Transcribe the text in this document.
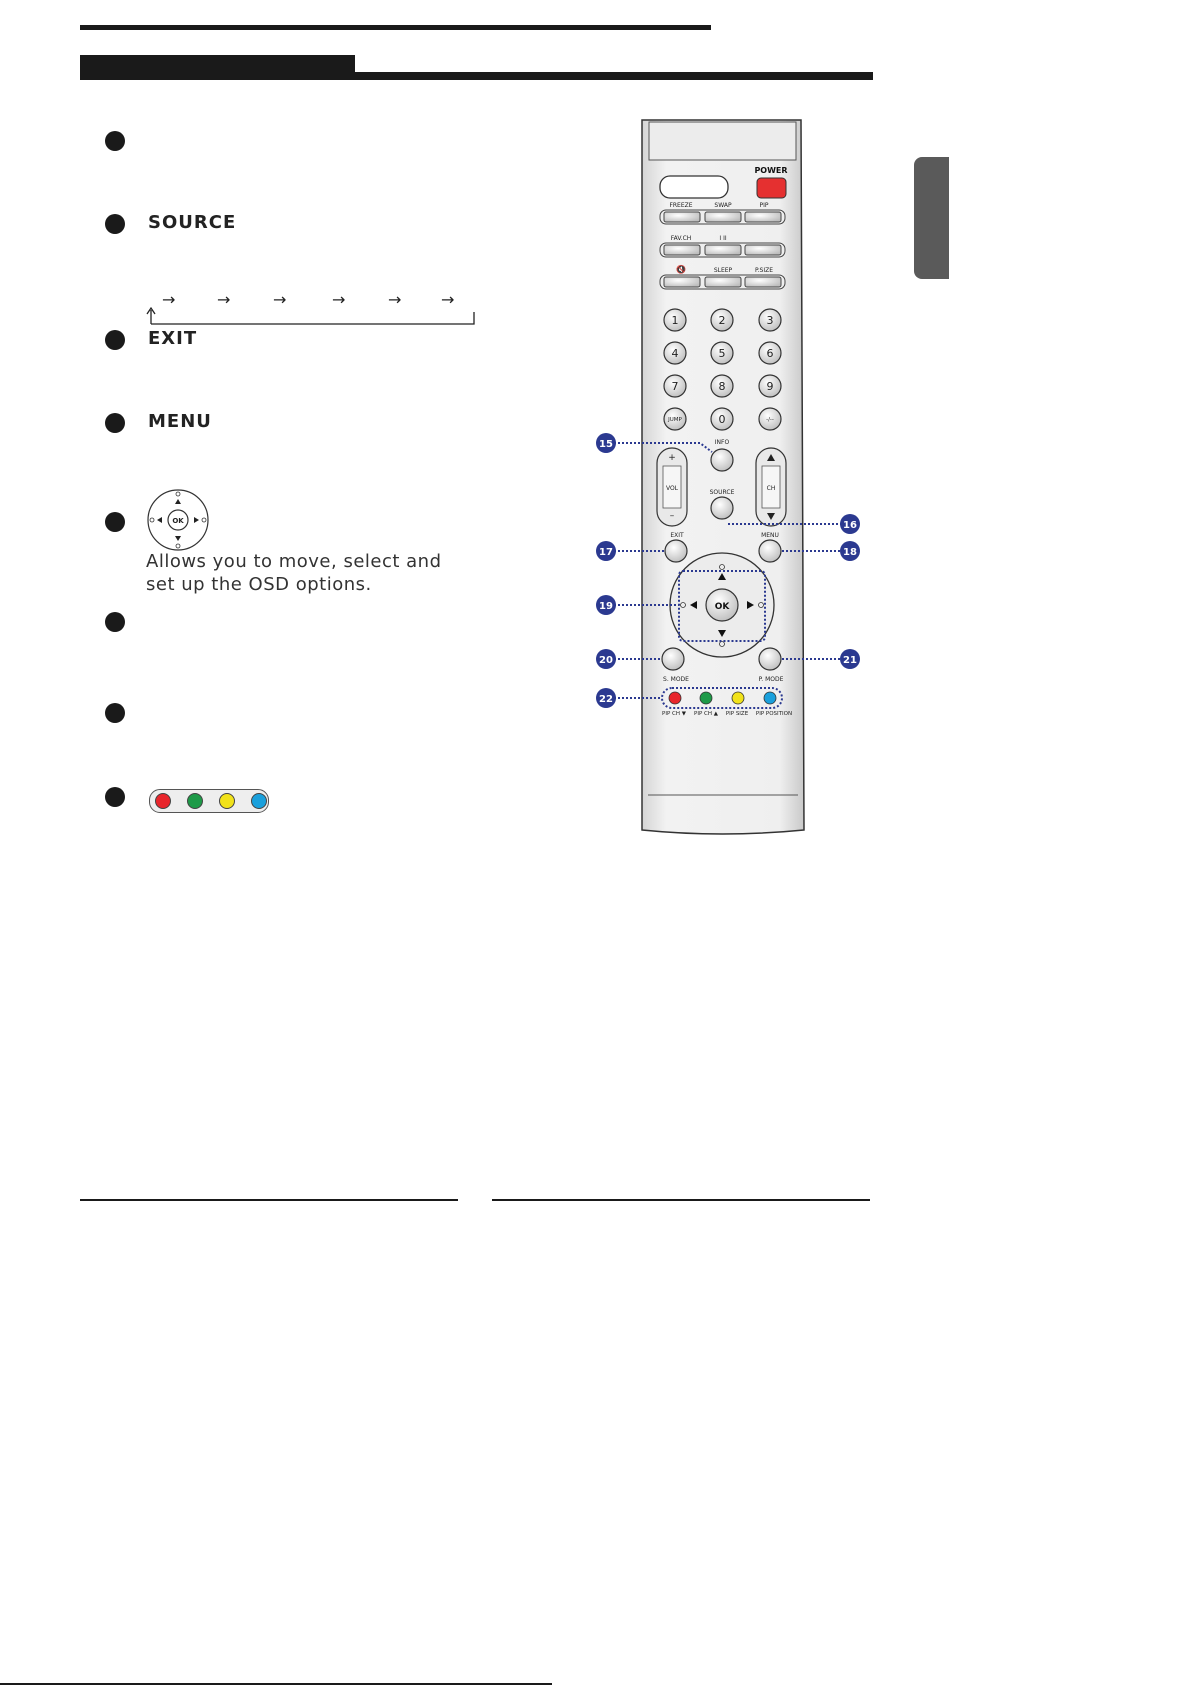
SOURCE
→	→	→	→	→ →
EXIT
MENU
OK
Allows you to move, select and set up the OSD options.
POWER
FREEZE	SWAP	PIP
FAV.CH	I II
SLEEP	P.SIZE
🔇
1	2	3
4	5	6
7	8	9
JUMP	0	-/--
INFO
SOURCE
+
VOL
–
CH
EXIT	MENU
OK
S. MODE	P. MODE
PIP CH ▼ PIP CH ▲ PIP SIZE PIP POSITION
15
16
17	18
19
20	21
22
